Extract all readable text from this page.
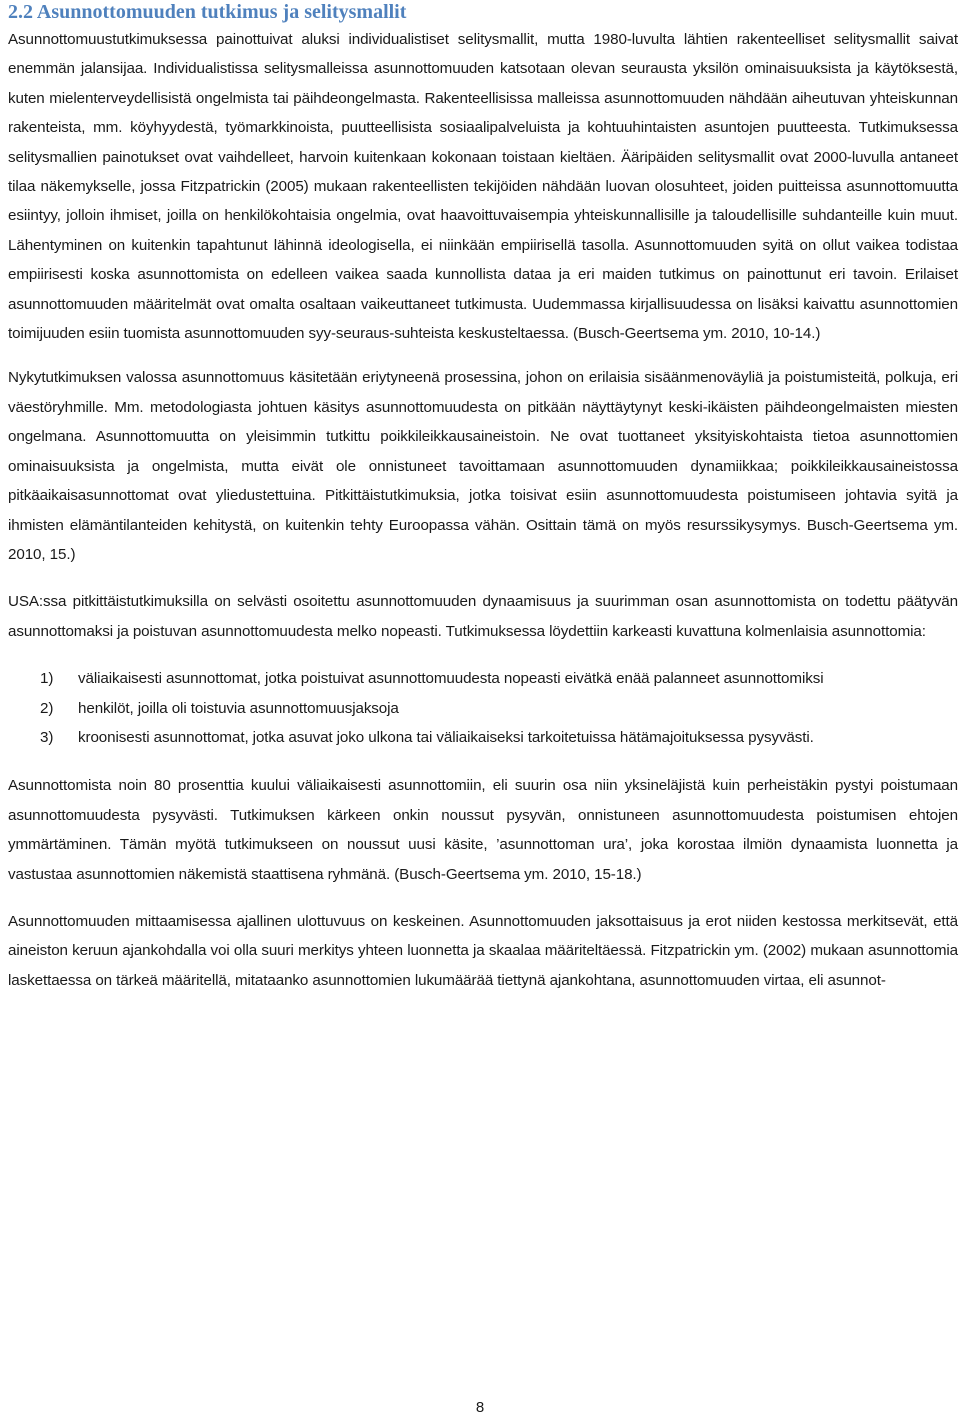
2.2 Asunnottomuuden tutkimus ja selitysmallit

Asunnottomuustutkimuksessa painottuivat aluksi individualistiset selitysmallit, mutta 1980-luvulta lähtien rakenteelliset selitysmallit saivat enemmän jalansijaa. Individualistissa selitysmalleissa asunnottomuuden katsotaan olevan seurausta yksilön ominaisuuksista ja käytöksestä, kuten mielenterveydellisistä ongelmista tai päihdeongelmasta. Rakenteellisissa malleissa asunnottomuuden nähdään aiheutuvan yhteiskunnan rakenteista, mm. köyhyydestä, työmarkkinoista, puutteellisista sosiaalipalveluista ja kohtuuhintaisten asuntojen puutteesta. Tutkimuksessa selitysmallien painotukset ovat vaihdelleet, harvoin kuitenkaan kokonaan toistaan kieltäen. Ääripäiden selitysmallit ovat 2000-luvulla antaneet tilaa näkemykselle, jossa Fitzpatrickin (2005) mukaan rakenteellisten tekijöiden nähdään luovan olosuhteet, joiden puitteissa asunnottomuutta esiintyy, jolloin ihmiset, joilla on henkilökohtaisia ongelmia, ovat haavoittuvaisempia yhteiskunnallisille ja taloudellisille suhdanteille kuin muut. Lähentyminen on kuitenkin tapahtunut lähinnä ideologisella, ei niinkään empiirisellä tasolla. Asunnottomuuden syitä on ollut vaikea todistaa empiirisesti koska asunnottomista on edelleen vaikea saada kunnollista dataa ja eri maiden tutkimus on painottunut eri tavoin. Erilaiset asunnottomuuden määritelmät ovat omalta osaltaan vaikeuttaneet tutkimusta. Uudemmassa kirjallisuudessa on lisäksi kaivattu asunnottomien toimijuuden esiin tuomista asunnottomuuden syy-seuraus-suhteista keskusteltaessa. (Busch-Geertsema ym. 2010, 10-14.)

Nykytutkimuksen valossa asunnottomuus käsitetään eriytyneenä prosessina, johon on erilaisia sisäänmenoväyliä ja poistumisteitä, polkuja, eri väestöryhmille. Mm. metodologiasta johtuen käsitys asunnottomuudesta on pitkään näyttäytynyt keski-ikäisten päihdeongelmaisten miesten ongelmana. Asunnottomuutta on yleisimmin tutkittu poikkileikkausaineistoin. Ne ovat tuottaneet yksityiskohtaista tietoa asunnottomien ominaisuuksista ja ongelmista, mutta eivät ole onnistuneet tavoittamaan asunnottomuuden dynamiikkaa; poikkileikkausaineistossa pitkäaikaisasunnottomat ovat yliedustettuina. Pitkittäistutkimuksia, jotka toisivat esiin asunnottomuudesta poistumiseen johtavia syitä ja ihmisten elämäntilanteiden kehitystä, on kuitenkin tehty Euroopassa vähän. Osittain tämä on myös resurssikysymys. Busch-Geertsema ym. 2010, 15.)

USA:ssa pitkittäistutkimuksilla on selvästi osoitettu asunnottomuuden dynaamisuus ja suurimman osan asunnottomista on todettu päätyvän asunnottomaksi ja poistuvan asunnottomuudesta melko nopeasti. Tutkimuksessa löydettiin karkeasti kuvattuna kolmenlaisia asunnottomia:

1)	väliaikaisesti asunnottomat, jotka poistuivat asunnottomuudesta nopeasti eivätkä enää palanneet asunnottomiksi
2)	henkilöt, joilla oli toistuvia asunnottomuusjaksoja
3)	kroonisesti asunnottomat, jotka asuvat joko ulkona tai väliaikaiseksi tarkoitetuissa hätämajoituksessa pysyvästi.

Asunnottomista noin 80 prosenttia kuului väliaikaisesti asunnottomiin, eli suurin osa niin yksineläjistä kuin perheistäkin pystyi poistumaan asunnottomuudesta pysyvästi. Tutkimuksen kärkeen onkin noussut pysyvän, onnistuneen asunnottomuudesta poistumisen ehtojen ymmärtäminen. Tämän myötä tutkimukseen on noussut uusi käsite, ’asunnottoman ura’, joka korostaa ilmiön dynaamista luonnetta ja vastustaa asunnottomien näkemistä staattisena ryhmänä. (Busch-Geertsema ym. 2010, 15-18.)

Asunnottomuuden mittaamisessa ajallinen ulottuvuus on keskeinen. Asunnottomuuden jaksottaisuus ja erot niiden kestossa merkitsevät, että aineiston keruun ajankohdalla voi olla suuri merkitys yhteen luonnetta ja skaalaa määriteltäessä. Fitzpatrickin ym. (2002) mukaan asunnottomia laskettaessa on tärkeä määritellä, mitataanko asunnottomien lukumäärää tiettynä ajankohtana, asunnottomuuden virtaa, eli asunnot-

8
